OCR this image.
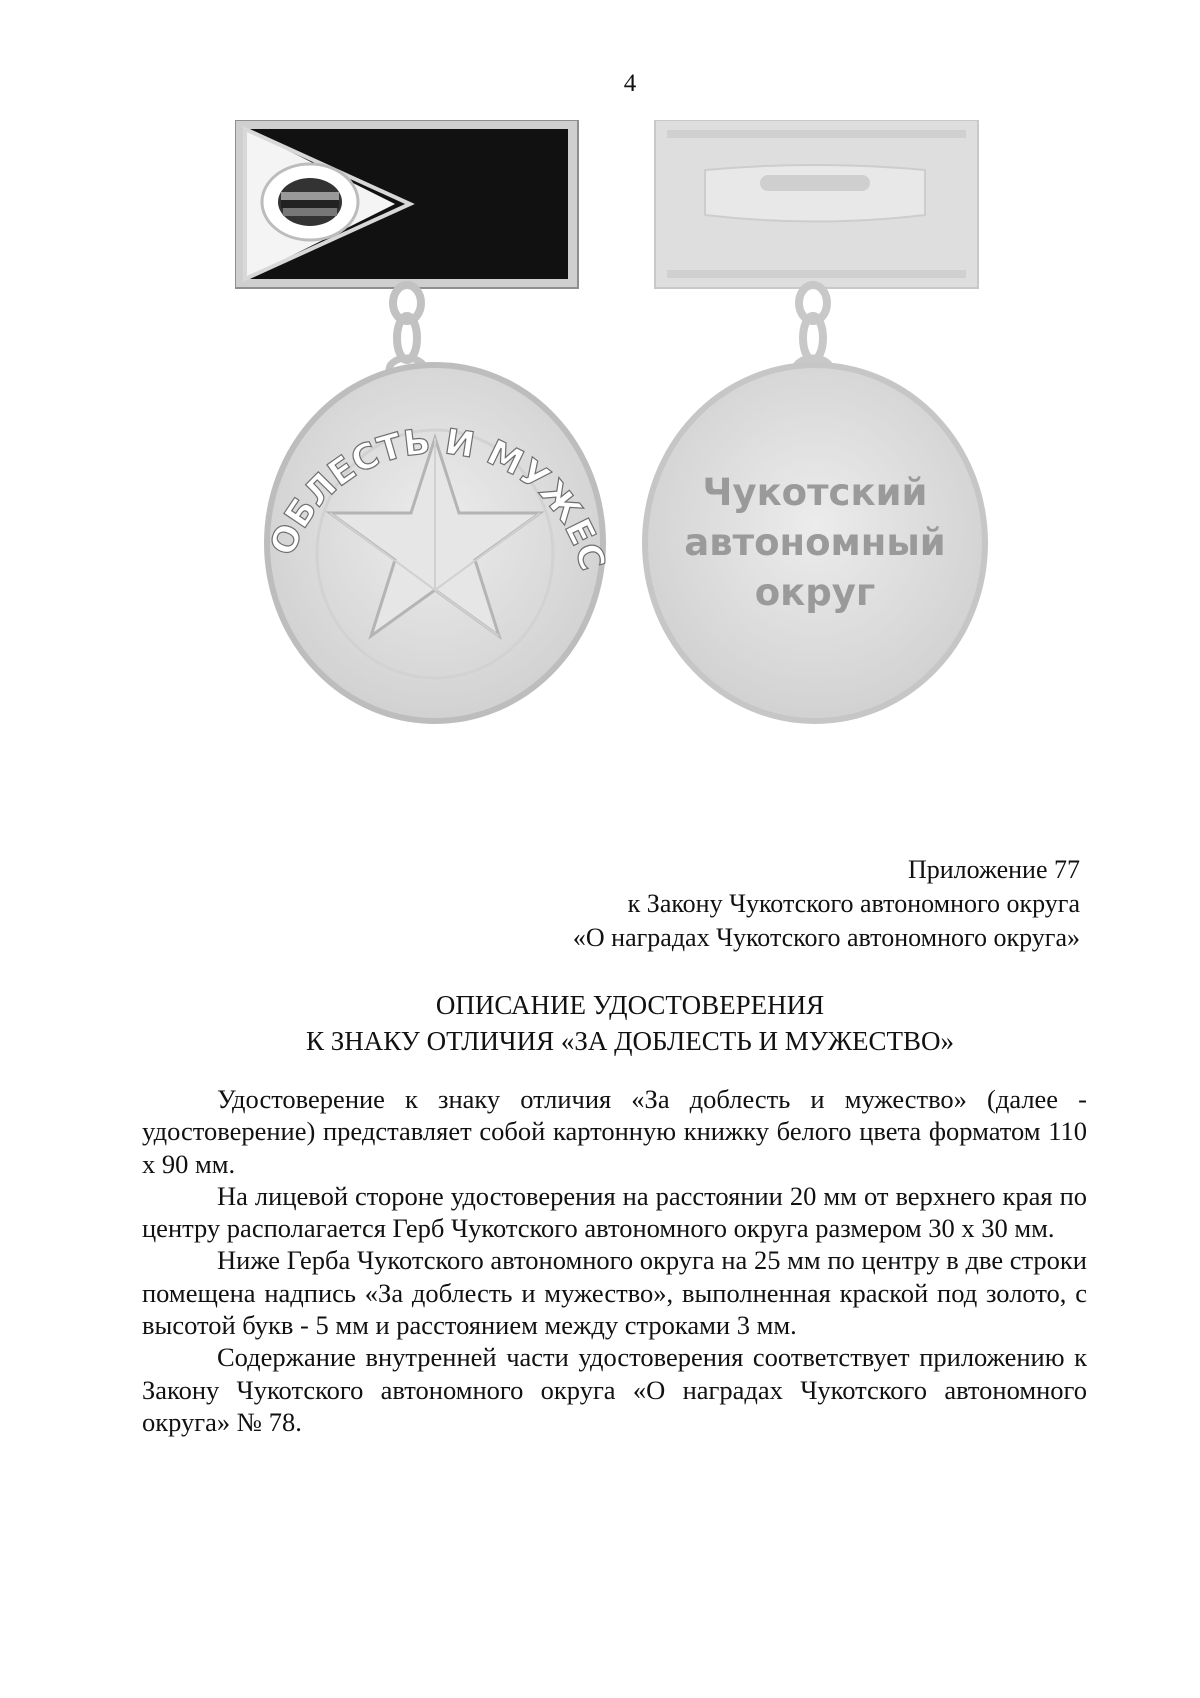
4
ОБЛЕСТЬ И МУЖЕС
Чукотский
автономный
округ
Приложение 77
к Закону Чукотского автономного округа
«О наградах Чукотского автономного округа»
ОПИСАНИЕ УДОСТОВЕРЕНИЯ
К ЗНАКУ ОТЛИЧИЯ «ЗА ДОБЛЕСТЬ И МУЖЕСТВО»

Удостоверение к знаку отличия «За доблесть и мужество» (далее - удостоверение) представляет собой картонную книжку белого цвета форматом 110 х 90 мм.

На лицевой стороне удостоверения на расстоянии 20 мм от верхнего края по центру располагается Герб Чукотского автономного округа размером 30 х 30 мм.

Ниже Герба Чукотского автономного округа на 25 мм по центру в две строки помещена надпись «За доблесть и мужество», выполненная краской под золото, с высотой букв - 5 мм и расстоянием между строками 3 мм.

Содержание внутренней части удостоверения соответствует приложению к Закону Чукотского автономного округа «О наградах Чукотского автономного округа» № 78.
